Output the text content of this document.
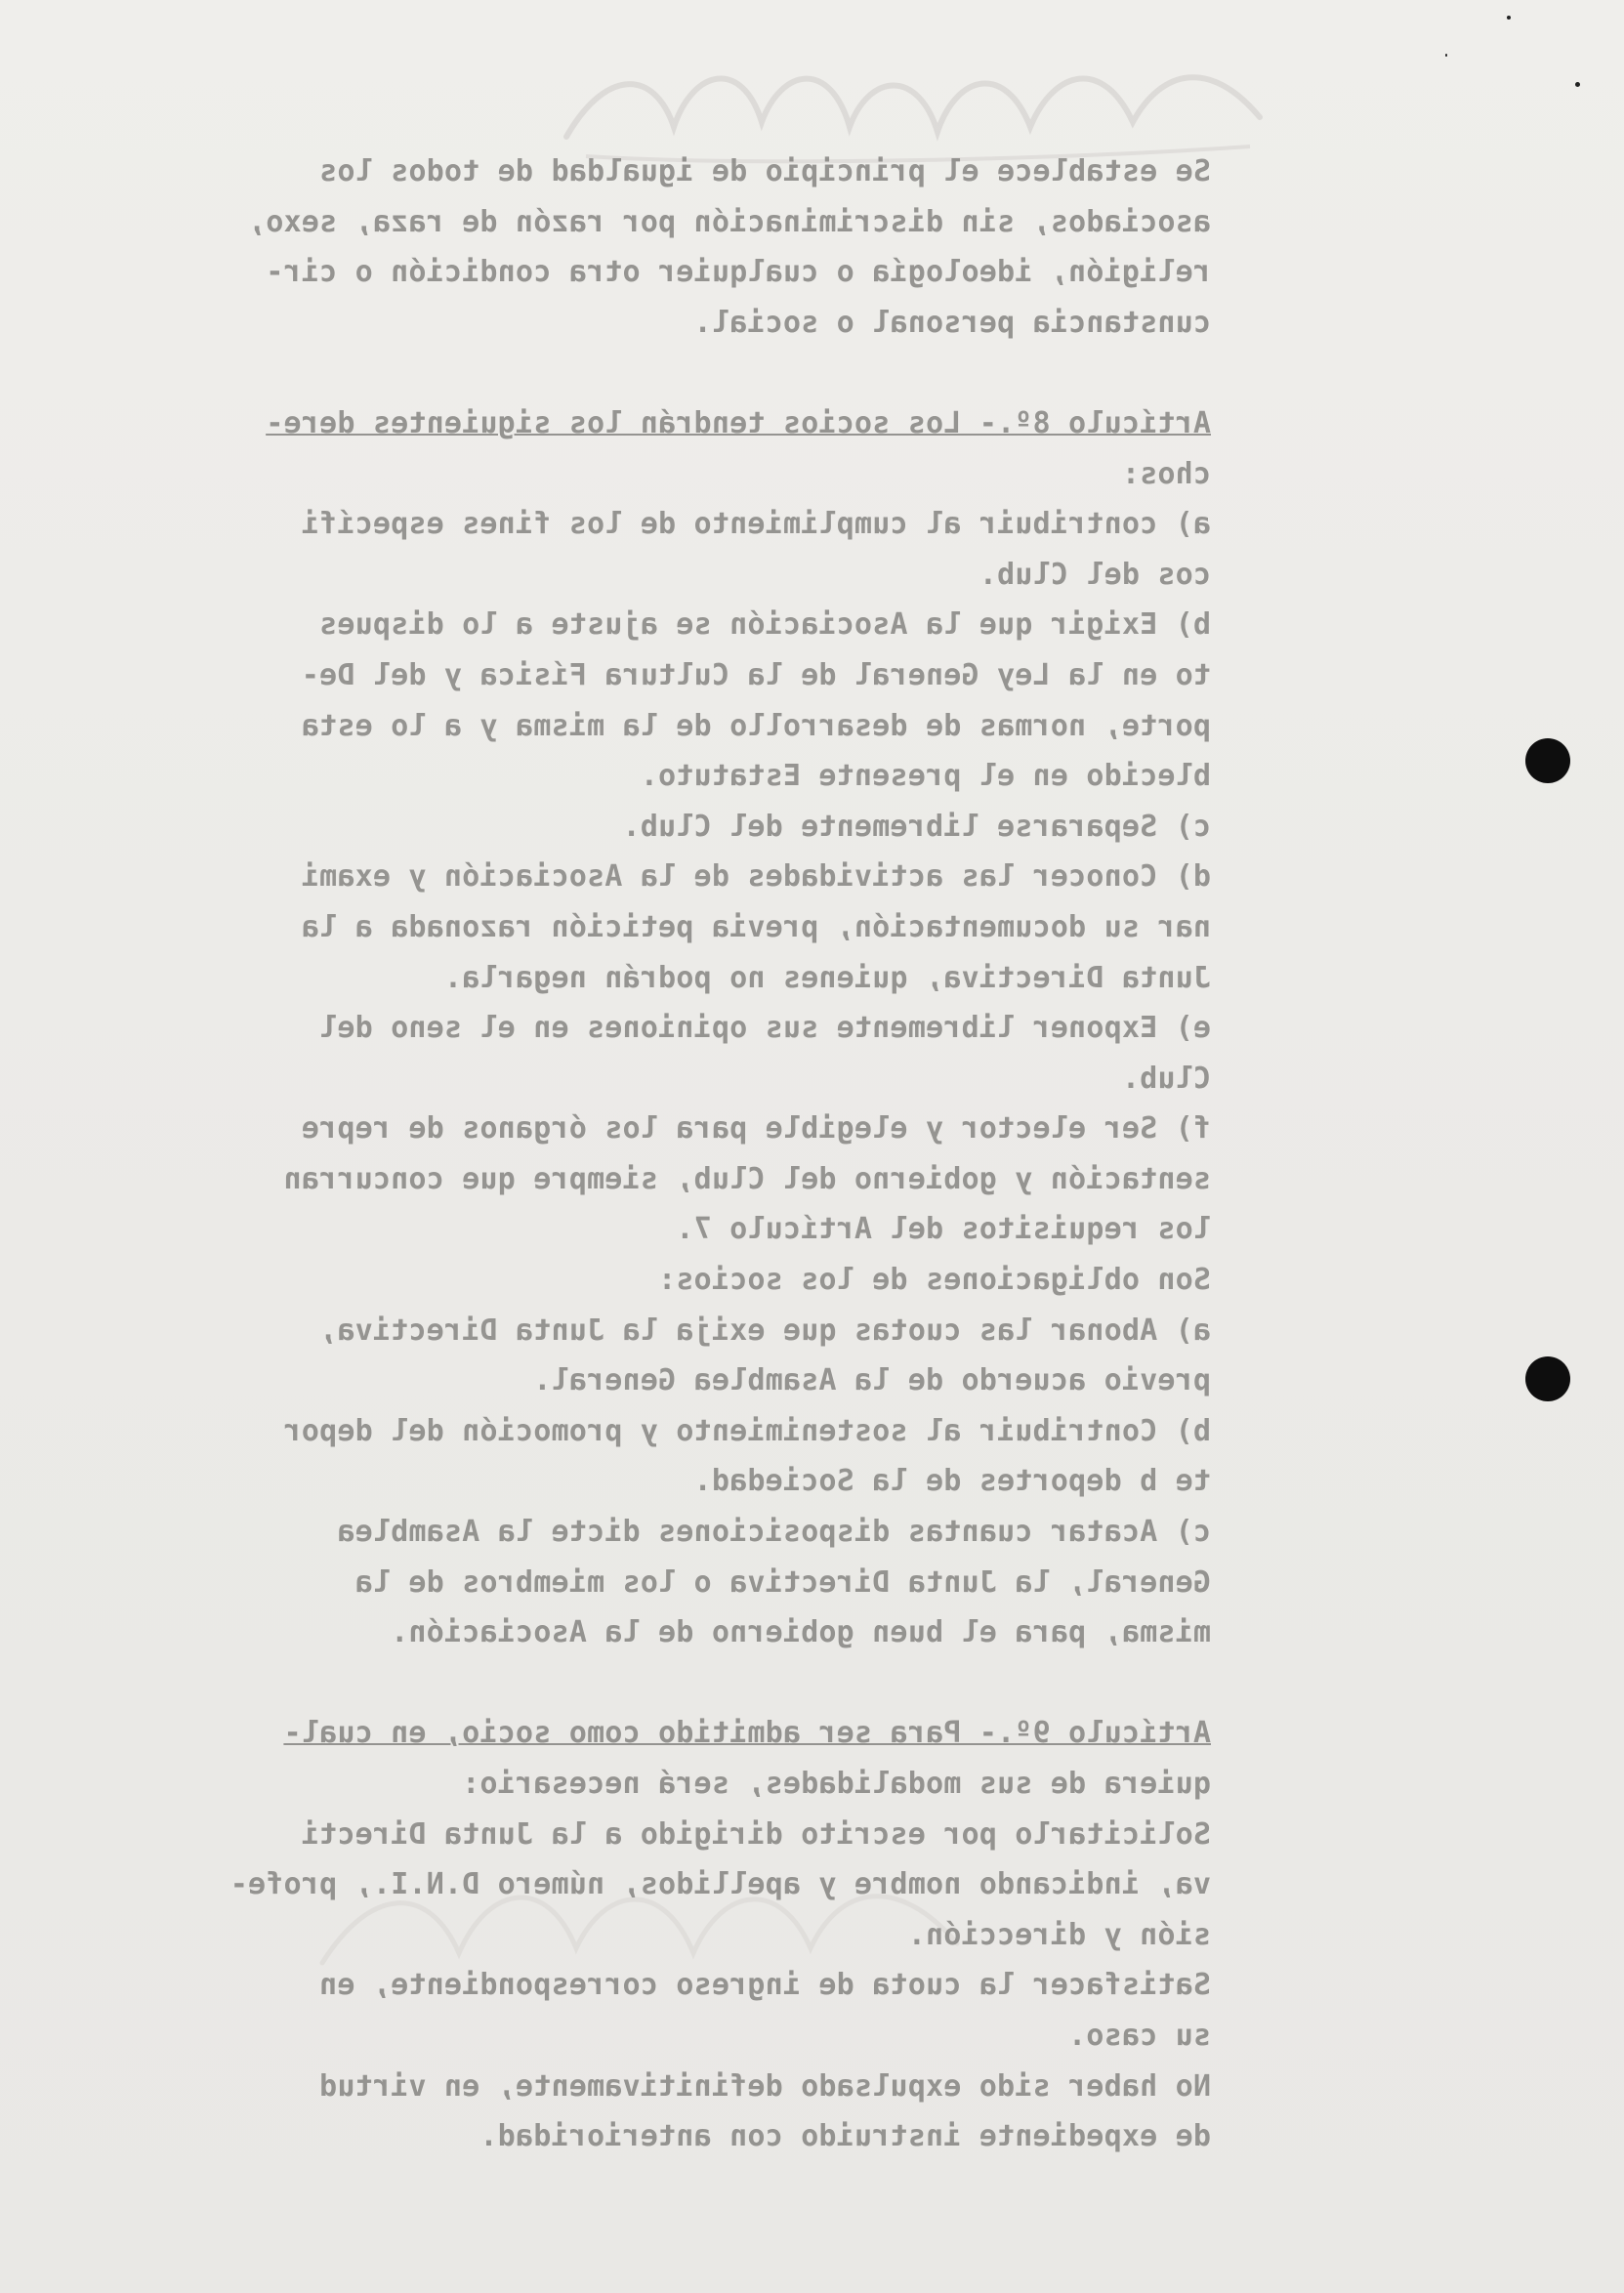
Se establece el principio de igualdad de todos los
asociados, sin discriminación por razón de raza, sexo,
religión, ideología o cualquier otra condición o cir-
cunstancia personal o social.
Artículo 8º.- Los socios tendrán los siguientes dere-
chos:
a) contribuir al cumplimiento de los fines específi
cos del Club.
b) Exigir que la Asociación se ajuste a lo dispues
to en la Ley General de la Cultura Física y del De-
porte, normas de desarrollo de la misma y a lo esta
blecido en el presente Estatuto.
c) Separarse libremente del Club.
d) Conocer las actividades de la Asociación y exami
nar su documentación, previa petición razonada a la
Junta Directiva, quienes no podrán negarla.
e) Exponer libremente sus opiniones en el seno del
Club.
f) Ser elector y elegible para los órganos de repre
sentación y gobierno del Club, siempre que concurran
los requisitos del Artículo 7.
Son obligaciones de los socios:
a) Abonar las cuotas que exija la Junta Directiva,
previo acuerdo de la Asamblea General.
b) Contribuir al sostenimiento y promoción del depor
te b deportes de la Sociedad.
c) Acatar cuantas disposiciones dicte la Asamblea
General, la Junta Directiva o los miembros de la
misma, para el buen gobierno de la Asociación.
Artículo 9º.- Para ser admitido como socio, en cual-
quiera de sus modalidades, será necesario:
Solicitarlo por escrito dirigido a la Junta Directi
va, indicando nombre y apellidos, número D.N.I., profe-
sión y dirección.
Satisfacer la cuota de ingreso correspondiente, en
su caso.
No haber sido expulsado definitivamente, en virtud
de expediente instruido con anterioridad.
